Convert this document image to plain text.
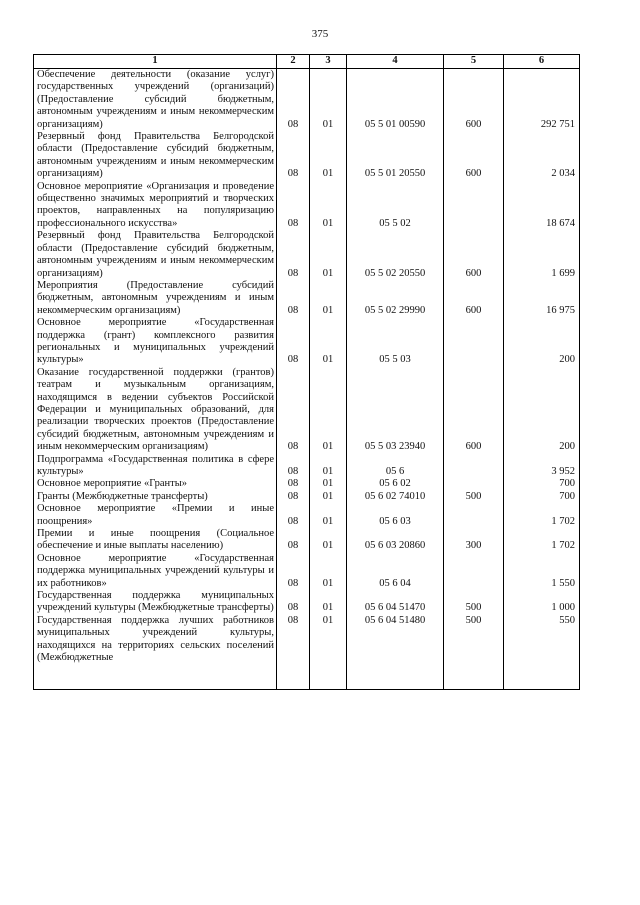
375
1	2	3	4	5	6
Обеспечение деятельности (оказание услуг) государственных учреждений (организаций) (Предоставление субсидий бюджетным, автономным учреждениям и иным некоммерческим организациям)	08	01	05 5 01 00590	600	292 751
Резервный фонд Правительства Белгородской области (Предоставление субсидий бюджетным, автономным учреждениям и иным некоммерческим организациям)	08	01	05 5 01 20550	600	2 034
Основное мероприятие «Организация и проведение общественно значимых мероприятий и творческих проектов, направленных на популяризацию профессионального искусства»	08	01	05 5 02		18 674
Резервный фонд Правительства Белгородской области (Предоставление субсидий бюджетным, автономным учреждениям и иным некоммерческим организациям)	08	01	05 5 02 20550	600	1 699
Мероприятия (Предоставление субсидий бюджетным, автономным учреждениям и иным некоммерческим организациям)	08	01	05 5 02 29990	600	16 975
Основное мероприятие «Государственная поддержка (грант) комплексного развития региональных и муниципальных учреждений культуры»	08	01	05 5 03		200
Оказание государственной поддержки (грантов) театрам и музыкальным организациям, находящимся в ведении субъектов Российской Федерации и муниципальных образований, для реализации творческих проектов (Предоставление субсидий бюджетным, автономным учреждениям и иным некоммерческим организациям)	08	01	05 5 03 23940	600	200
Подпрограмма «Государственная политика в сфере культуры»	08	01	05 6		3 952
Основное мероприятие «Гранты»	08	01	05 6 02		700
Гранты (Межбюджетные трансферты)	08	01	05 6 02 74010	500	700
Основное мероприятие «Премии и иные поощрения»	08	01	05 6 03		1 702
Премии и иные поощрения (Социальное обеспечение и иные выплаты населению)	08	01	05 6 03 20860	300	1 702
Основное мероприятие «Государственная поддержка муниципальных учреждений культуры и их работников»	08	01	05 6 04		1 550
Государственная поддержка муниципальных учреждений культуры (Межбюджетные трансферты)	08	01	05 6 04 51470	500	1 000

Государственная поддержка лучших работников муниципальных учреждений культуры, находящихся на территориях сельских поселений (Межбюджетные	08	01	05 6 04 51480	500	550
